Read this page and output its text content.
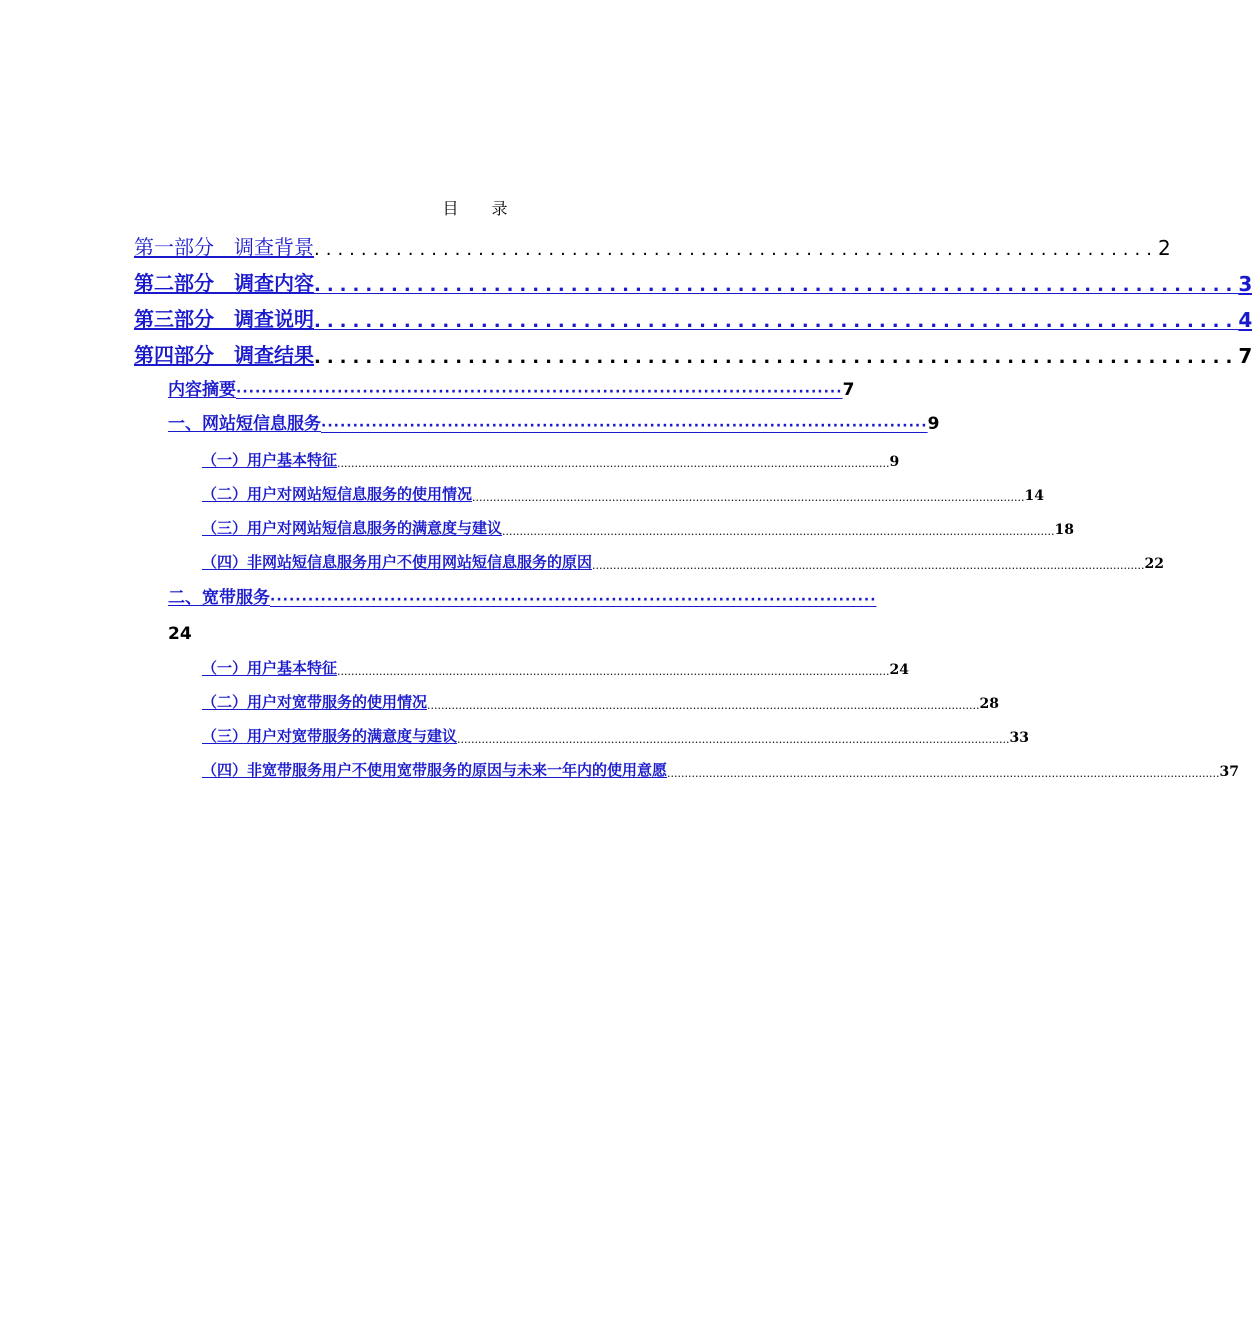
目 录
第一部分　调查背景 ........................................................................ 2
第二部分　调查内容 ........................................................................ 3
第三部分　调查说明 ........................................................................ 4
第四部分　调查结果 ........................................................................ 7
内容摘要 ································································································ 7
一、网站短信息服务 ································································································ 9
（一）用户基本特征 .............................................................................................................................................................. 9
（二）用户对网站短信息服务的使用情况 .............................................................................................................................................................. 14
（三）用户对网站短信息服务的满意度与建议 .............................................................................................................................................................. 18
（四）非网站短信息服务用户不使用网站短信息服务的原因 .............................................................................................................................................................. 22
二、宽带服务 ································································································
24
（一）用户基本特征 .............................................................................................................................................................. 24
（二）用户对宽带服务的使用情况 .............................................................................................................................................................. 28
（三）用户对宽带服务的满意度与建议 .............................................................................................................................................................. 33
（四）非宽带服务用户不使用宽带服务的原因与未来一年内的使用意愿 .............................................................................................................................................................. 37
